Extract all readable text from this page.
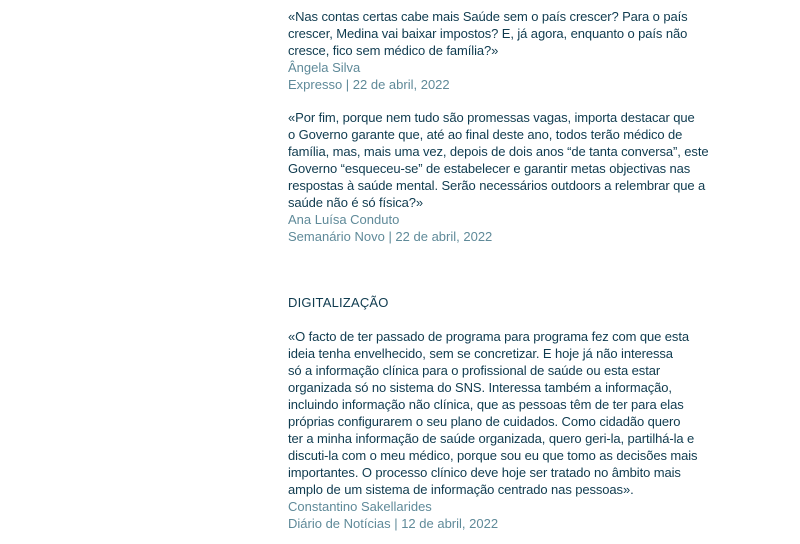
«Nas contas certas cabe mais Saúde sem o país crescer? Para o país
crescer, Medina vai baixar impostos? E, já agora, enquanto o país não
cresce, fico sem médico de família?»
Ângela Silva
Expresso | 22 de abril, 2022
«Por fim, porque nem tudo são promessas vagas, importa destacar que
o Governo garante que, até ao final deste ano, todos terão médico de
família, mas, mais uma vez, depois de dois anos “de tanta conversa”, este
Governo “esqueceu-se” de estabelecer e garantir metas objectivas nas
respostas à saúde mental. Serão necessários outdoors a relembrar que a
saúde não é só física?»
Ana Luísa Conduto
Semanário Novo | 22 de abril, 2022
DIGITALIZAÇÃO
«O facto de ter passado de programa para programa fez com que esta
ideia tenha envelhecido, sem se concretizar. E hoje já não interessa
só a informação clínica para o profissional de saúde ou esta estar
organizada só no sistema do SNS. Interessa também a informação,
incluindo informação não clínica, que as pessoas têm de ter para elas
próprias configurarem o seu plano de cuidados. Como cidadão quero
ter a minha informação de saúde organizada, quero geri-la, partilhá-la e
discuti-la com o meu médico, porque sou eu que tomo as decisões mais
importantes. O processo clínico deve hoje ser tratado no âmbito mais
amplo de um sistema de informação centrado nas pessoas».
Constantino Sakellarides
Diário de Notícias | 12 de abril, 2022
